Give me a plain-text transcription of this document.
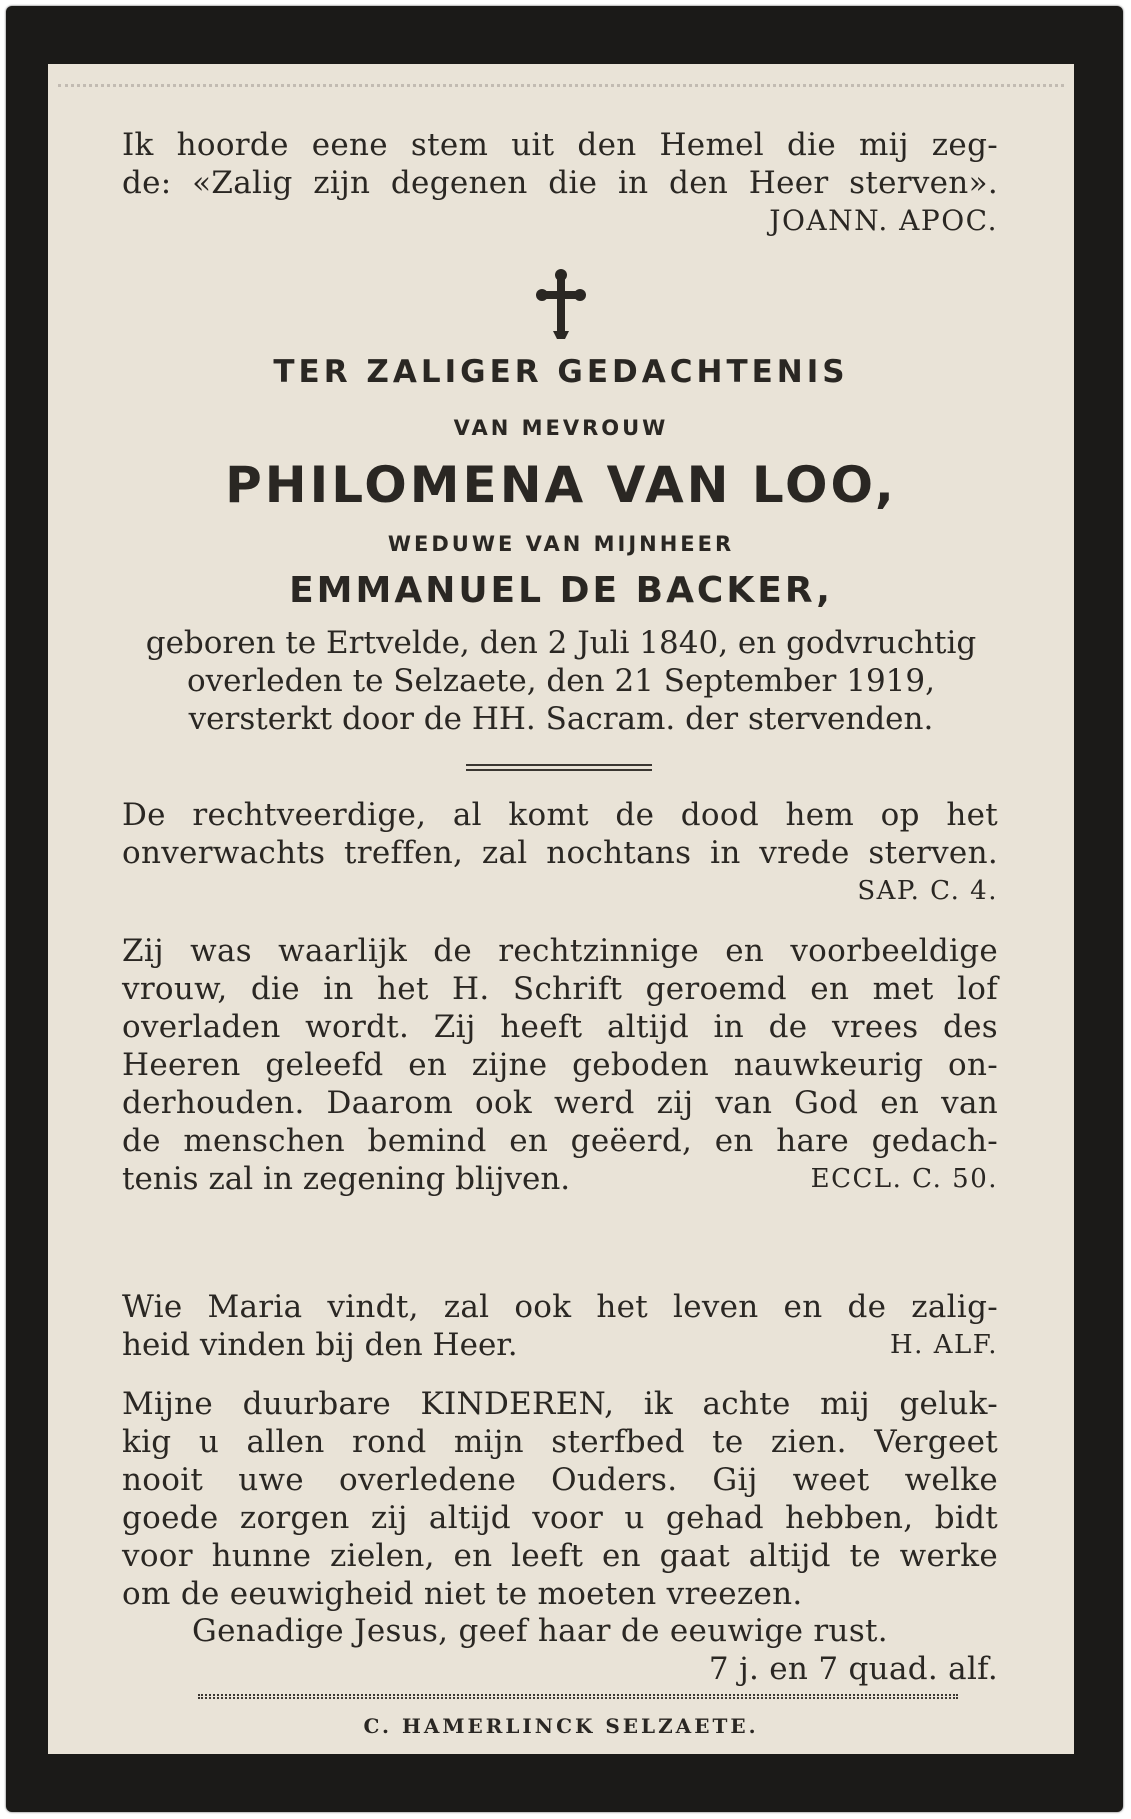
Ik hoorde eene stem uit den Hemel die mij zeg-

de: «Zalig zijn degenen die in den Heer sterven».

JOANN. APOC.

TER ZALIGER GEDACHTENIS
VAN MEVROUW
PHILOMENA VAN LOO,
WEDUWE VAN MIJNHEER
EMMANUEL DE BACKER,
geboren te Ertvelde, den 2 Juli 1840, en godvruchtig
overleden te Selzaete, den 21 September 1919,
versterkt door de HH. Sacram. der stervenden.

De rechtveerdige, al komt de dood hem op het

onverwachts treffen, zal nochtans in vrede sterven.

SAP. C. 4.

Zij was waarlijk de rechtzinnige en voorbeeldige

vrouw, die in het H. Schrift geroemd en met lof

overladen wordt. Zij heeft altijd in de vrees des

Heeren geleefd en zijne geboden nauwkeurig on-

derhouden. Daarom ook werd zij van God en van

de menschen bemind en geëerd, en hare gedach-

tenis zal in zegening blijven.	ECCL. C. 50.

Wie Maria vindt, zal ook het leven en de zalig-

heid vinden bij den Heer.	H. ALF.

Mijne duurbare KINDEREN, ik achte mij geluk-

kig u allen rond mijn sterfbed te zien. Vergeet

nooit uwe overledene Ouders. Gij weet welke

goede zorgen zij altijd voor u gehad hebben, bidt

voor hunne zielen, en leeft en gaat altijd te werke

om de eeuwigheid niet te moeten vreezen.

Genadige Jesus, geef haar de eeuwige rust.

7 j. en 7 quad. alf.

C. HAMERLINCK SELZAETE.
